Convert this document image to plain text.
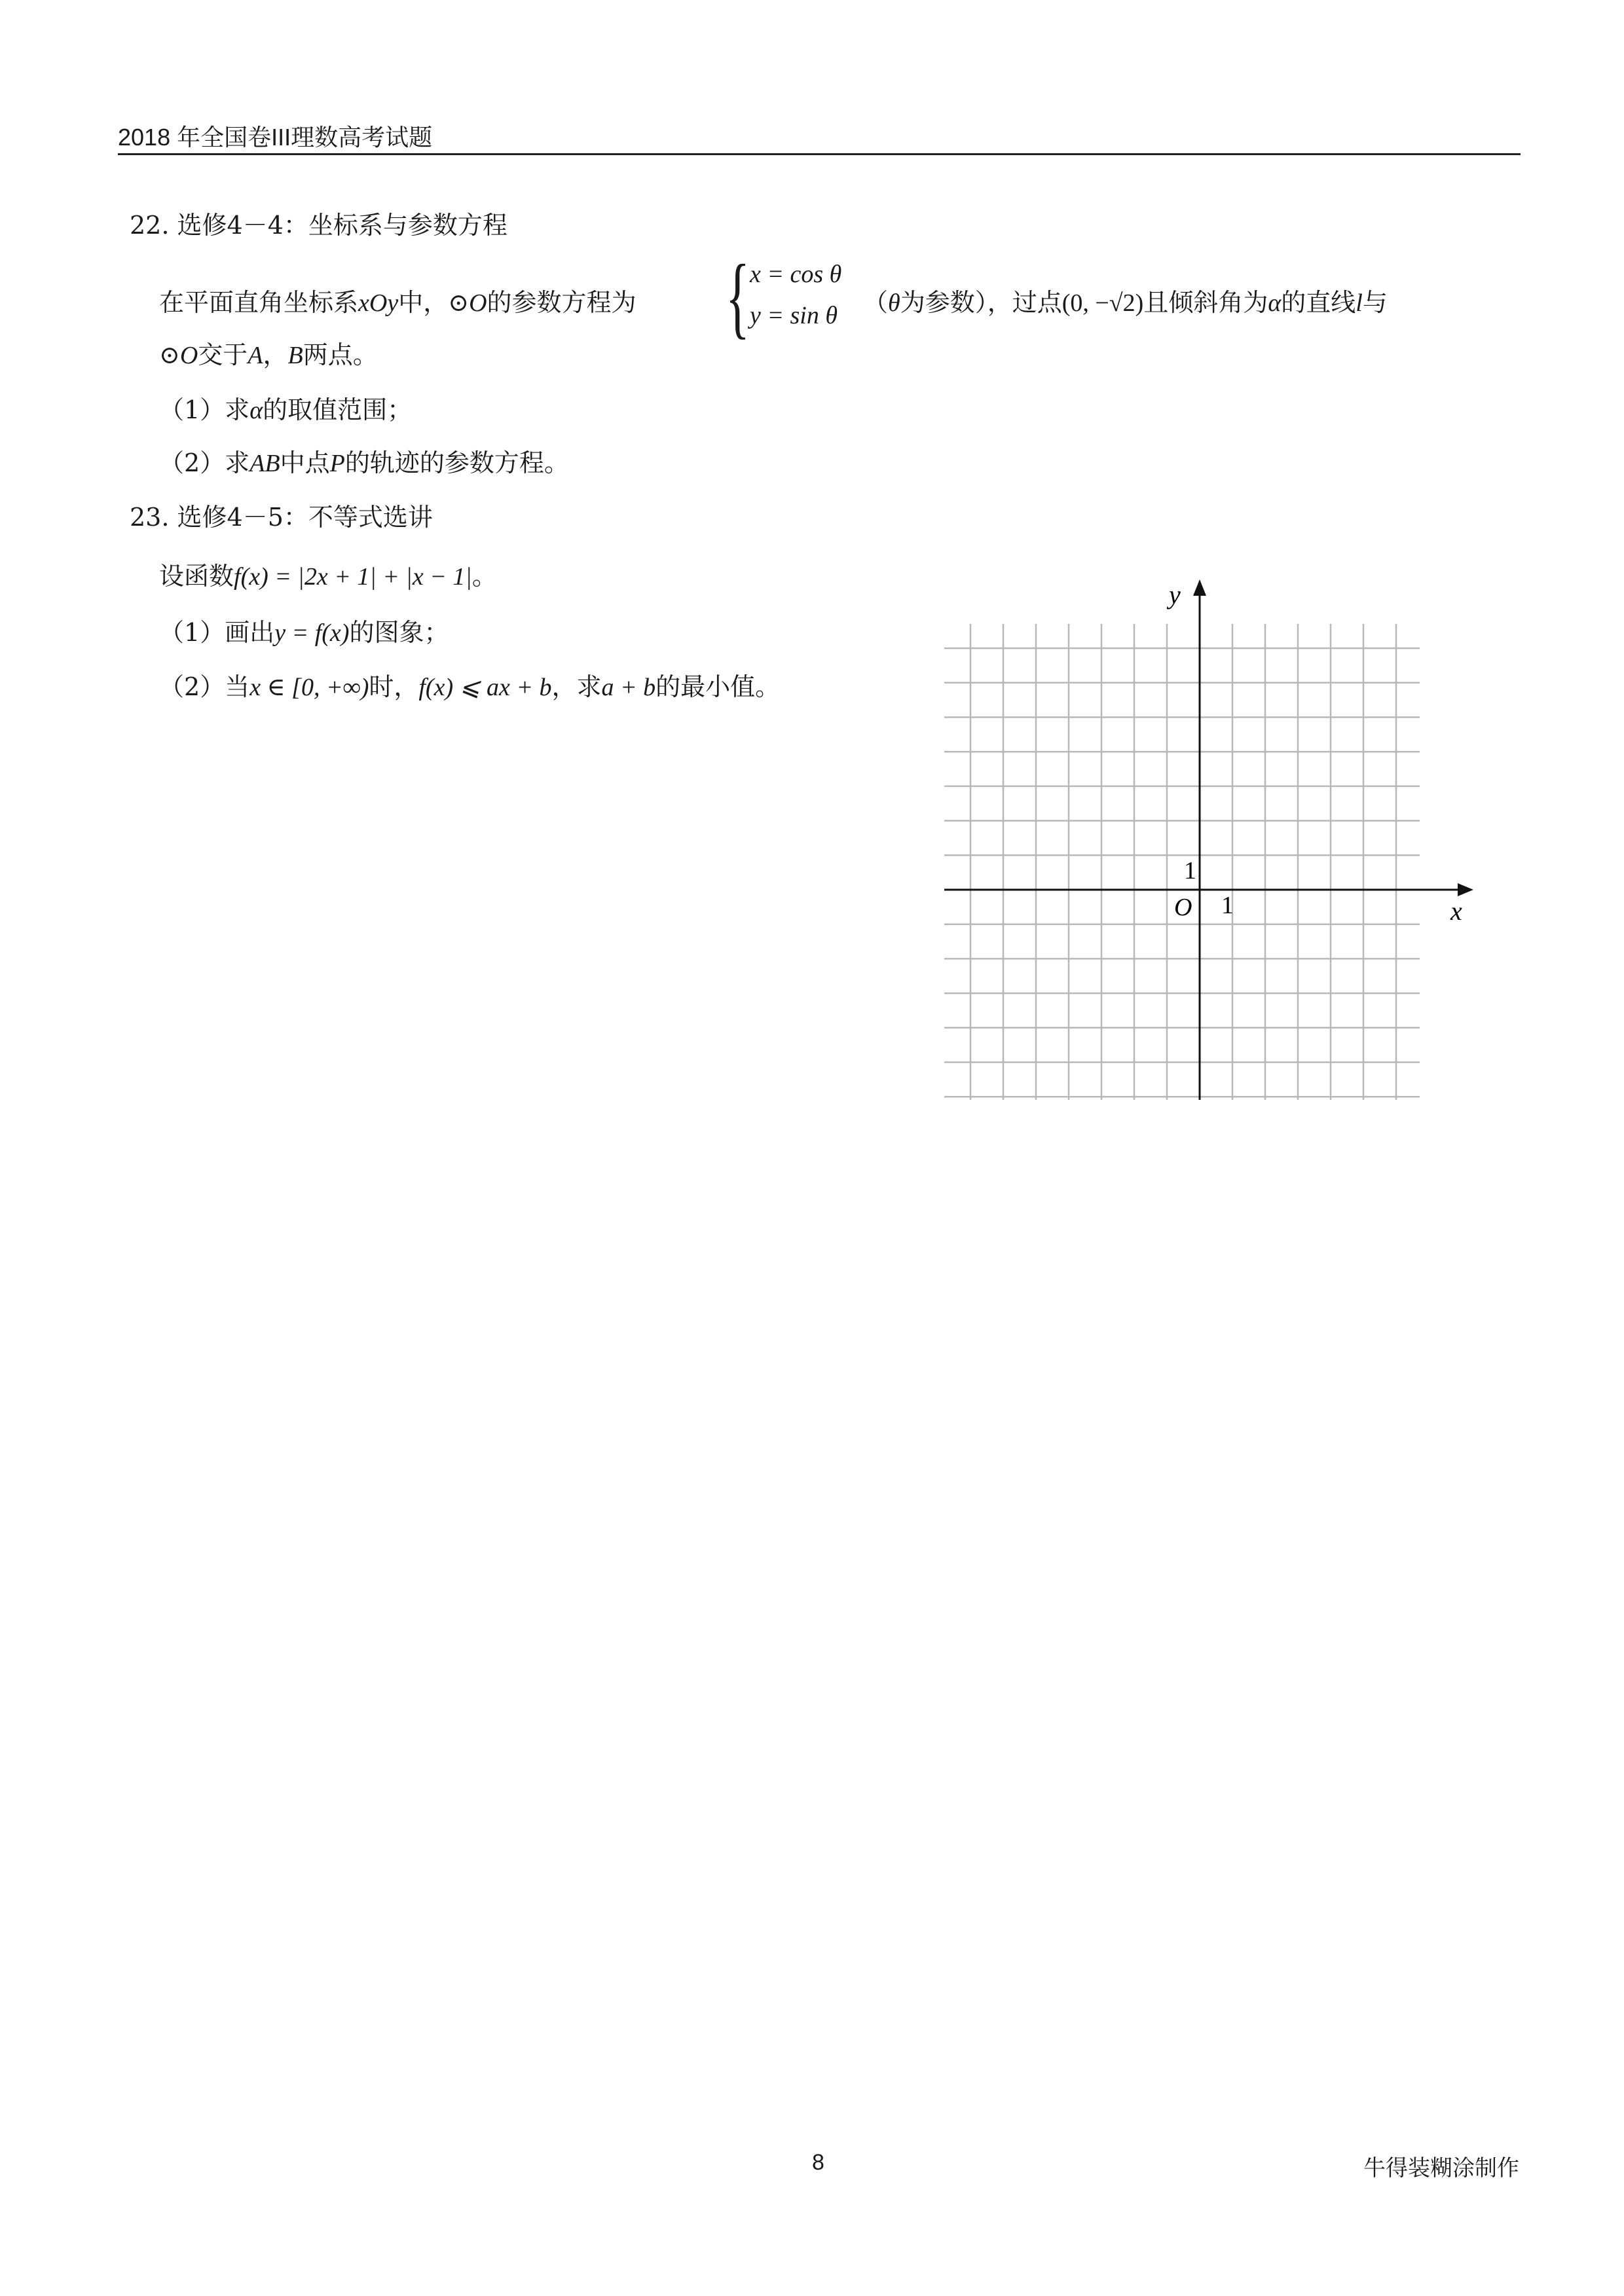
2018 年全国卷III理数高考试题
22. 选修4－4：坐标系与参数方程
在平面直角坐标系xOy中，⊙O的参数方程为 { x = cos θ
y = sin θ （θ为参数），过点(0, −√2)且倾斜角为α的直线l与
⊙O交于A，B两点。
（1）求α的取值范围；
（2）求AB中点P的轨迹的参数方程。
23. 选修4－5：不等式选讲
设函数f(x) = |2x + 1| + |x − 1|。
（1）画出y = f(x)的图象；
（2）当x ∈ [0, +∞)时，f(x) ⩽ ax + b，求a + b的最小值。
y
x
O 1
1
8	牛得装糊涂制作
